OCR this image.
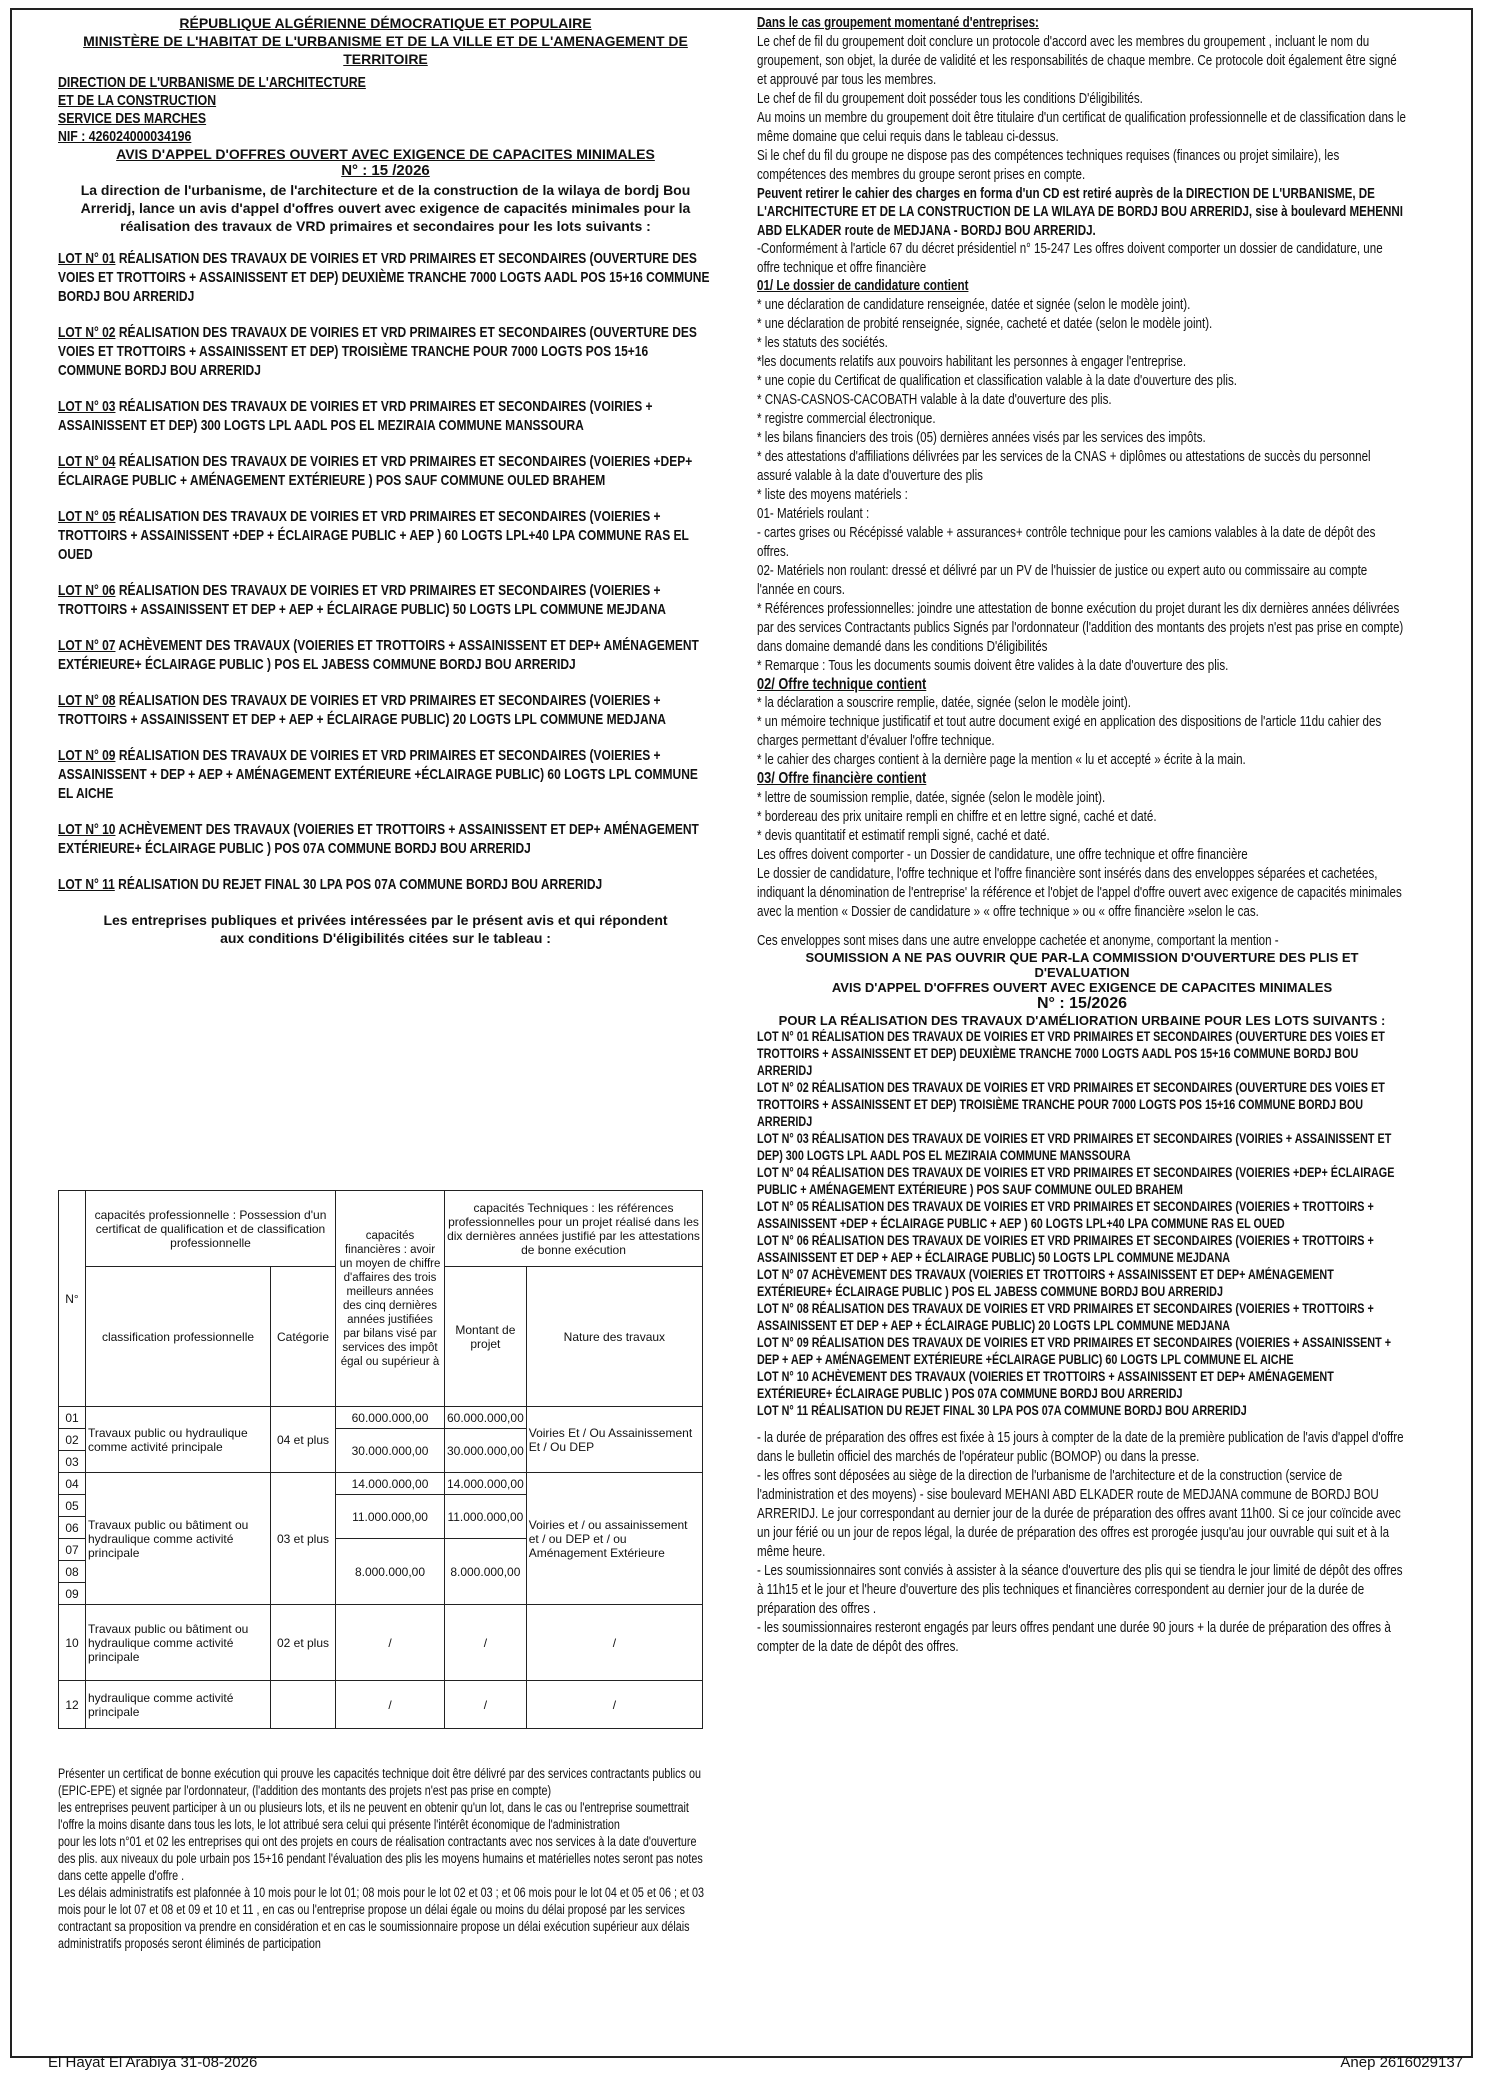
RÉPUBLIQUE ALGÉRIENNE DÉMOCRATIQUE ET POPULAIRE
MINISTÈRE DE L'HABITAT DE L'URBANISME ET DE LA VILLE ET DE L'AMENAGEMENT DE TERRITOIRE
DIRECTION DE L'URBANISME DE L'ARCHITECTURE
ET DE LA CONSTRUCTION
SERVICE DES MARCHES
NIF : 426024000034196
AVIS D'APPEL D'OFFRES OUVERT AVEC EXIGENCE DE CAPACITES MINIMALES
N° : 15 /2026
La direction de l'urbanisme, de l'architecture et de la construction de la wilaya de bordj Bou Arreridj, lance un avis d'appel d'offres ouvert avec exigence de capacités minimales pour la réalisation des travaux de VRD primaires et secondaires pour les lots suivants :
LOT N° 01 RÉALISATION DES TRAVAUX DE VOIRIES ET VRD PRIMAIRES ET SECONDAIRES (OUVERTURE DES VOIES ET TROTTOIRS + ASSAINISSENT ET DEP) DEUXIÈME TRANCHE 7000 LOGTS AADL POS 15+16 COMMUNE BORDJ BOU ARRERIDJ
LOT N° 02 RÉALISATION DES TRAVAUX DE VOIRIES ET VRD PRIMAIRES ET SECONDAIRES (OUVERTURE DES VOIES ET TROTTOIRS + ASSAINISSENT ET DEP) TROISIÈME TRANCHE POUR 7000 LOGTS POS 15+16 COMMUNE BORDJ BOU ARRERIDJ
LOT N° 03 RÉALISATION DES TRAVAUX DE VOIRIES ET VRD PRIMAIRES ET SECONDAIRES (VOIRIES + ASSAINISSENT ET DEP) 300 LOGTS LPL AADL POS EL MEZIRAIA COMMUNE MANSSOURA
LOT N° 04 RÉALISATION DES TRAVAUX DE VOIRIES ET VRD PRIMAIRES ET SECONDAIRES (VOIERIES +DEP+ ÉCLAIRAGE PUBLIC + AMÉNAGEMENT EXTÉRIEURE ) POS SAUF COMMUNE OULED BRAHEM
LOT N° 05 RÉALISATION DES TRAVAUX DE VOIRIES ET VRD PRIMAIRES ET SECONDAIRES (VOIERIES + TROTTOIRS + ASSAINISSENT +DEP + ÉCLAIRAGE PUBLIC + AEP ) 60 LOGTS LPL+40 LPA COMMUNE RAS EL OUED
LOT N° 06 RÉALISATION DES TRAVAUX DE VOIRIES ET VRD PRIMAIRES ET SECONDAIRES (VOIERIES + TROTTOIRS + ASSAINISSENT ET DEP + AEP + ÉCLAIRAGE PUBLIC) 50 LOGTS LPL COMMUNE MEJDANA
LOT N° 07 ACHÈVEMENT DES TRAVAUX (VOIERIES ET TROTTOIRS + ASSAINISSENT ET DEP+ AMÉNAGEMENT EXTÉRIEURE+ ÉCLAIRAGE PUBLIC ) POS EL JABESS COMMUNE BORDJ BOU ARRERIDJ
LOT N° 08 RÉALISATION DES TRAVAUX DE VOIRIES ET VRD PRIMAIRES ET SECONDAIRES (VOIERIES + TROTTOIRS + ASSAINISSENT ET DEP + AEP + ÉCLAIRAGE PUBLIC) 20 LOGTS LPL COMMUNE MEDJANA
LOT N° 09 RÉALISATION DES TRAVAUX DE VOIRIES ET VRD PRIMAIRES ET SECONDAIRES (VOIERIES + ASSAINISSENT + DEP + AEP + AMÉNAGEMENT EXTÉRIEURE +ÉCLAIRAGE PUBLIC) 60 LOGTS LPL COMMUNE EL AICHE
LOT N° 10 ACHÈVEMENT DES TRAVAUX (VOIERIES ET TROTTOIRS + ASSAINISSENT ET DEP+ AMÉNAGEMENT EXTÉRIEURE+ ÉCLAIRAGE PUBLIC ) POS 07A COMMUNE BORDJ BOU ARRERIDJ
LOT N° 11 RÉALISATION DU REJET FINAL 30 LPA POS 07A COMMUNE BORDJ BOU ARRERIDJ
Les entreprises publiques et privées intéressées par le présent avis et qui répondent aux conditions D'éligibilités citées sur le tableau :
N°	capacités professionnelle : Possession d'un certificat de qualification et de classification professionnelle		capacités financières : avoir un moyen de chiffre d'affaires des trois meilleurs années des cinq dernières années justifiées par bilans visé par services des impôt égal ou supérieur à	capacités Techniques : les références professionnelles pour un projet réalisé dans les dix dernières années justifié par les attestations de bonne exécution	
	classification professionnelle	Catégorie		Montant de projet	Nature des travaux
01	Travaux public ou hydraulique comme activité principale	04 et plus	60.000.000,00	60.000.000,00	Voiries Et / Ou Assainissement Et / Ou DEP
02			30.000.000,00	30.000.000,00	
03					
04	Travaux public ou bâtiment ou hydraulique comme activité principale	03 et plus	14.000.000,00	14.000.000,00	Voiries et / ou assainissement et / ou DEP et / ou Aménagement Extérieure
05			11.000.000,00	11.000.000,00	
06					
07			8.000.000,00	8.000.000,00	
08					
09					
10	Travaux public ou bâtiment ou hydraulique comme activité principale	02 et plus	/	/	/
12	hydraulique comme activité principale		/	/	/
Présenter un certificat de bonne exécution qui prouve les capacités technique doit être délivré par des services contractants publics ou (EPIC-EPE) et signée par l'ordonnateur, (l'addition des montants des projets n'est pas prise en compte)
les entreprises peuvent participer à un ou plusieurs lots, et ils ne peuvent en obtenir qu'un lot, dans le cas ou l'entreprise soumettrait l'offre la moins disante dans tous les lots, le lot attribué sera celui qui présente l'intérêt économique de l'administration
pour les lots n°01 et 02 les entreprises qui ont des projets en cours de réalisation contractants avec nos services à la date d'ouverture des plis. aux niveaux du pole urbain pos 15+16 pendant l'évaluation des plis les moyens humains et matérielles notes seront pas notes dans cette appelle d'offre .
Les délais administratifs est plafonnée à 10 mois pour le lot 01; 08 mois pour le lot 02 et 03 ; et 06 mois pour le lot 04 et 05 et 06 ; et 03 mois pour le lot 07 et 08 et 09 et 10 et 11 , en cas ou l'entreprise propose un délai égale ou moins du délai proposé par les services contractant sa proposition va prendre en considération et en cas le soumissionnaire propose un délai exécution supérieur aux délais administratifs proposés seront éliminés de participation
Dans le cas groupement momentané d'entreprises:
Le chef de fil du groupement doit conclure un protocole d'accord avec les membres du groupement , incluant le nom du groupement, son objet, la durée de validité et les responsabilités de chaque membre. Ce protocole doit également être signé et approuvé par tous les membres.
Le chef de fil du groupement doit posséder tous les conditions D'éligibilités.
Au moins un membre du groupement doit être titulaire d'un certificat de qualification professionnelle et de classification dans le même domaine que celui requis dans le tableau ci-dessus.
Si le chef du fil du groupe ne dispose pas des compétences techniques requises (finances ou projet similaire), les compétences des membres du groupe seront prises en compte.
Peuvent retirer le cahier des charges en forma d'un CD est retiré auprès de la DIRECTION DE L'URBANISME, DE L'ARCHITECTURE ET DE LA CONSTRUCTION DE LA WILAYA DE BORDJ BOU ARRERIDJ, sise à boulevard MEHENNI ABD ELKADER route de MEDJANA - BORDJ BOU ARRERIDJ.
-Conformément à l'article 67 du décret présidentiel n° 15-247 Les offres doivent comporter un dossier de candidature, une offre technique et offre financière
01/ Le dossier de candidature contient
* une déclaration de candidature renseignée, datée et signée (selon le modèle joint).
* une déclaration de probité renseignée, signée, cacheté et datée (selon le modèle joint).
* les statuts des sociétés.
*les documents relatifs aux pouvoirs habilitant les personnes à engager l'entreprise.
* une copie du Certificat de qualification et classification valable à la date d'ouverture des plis.
* CNAS-CASNOS-CACOBATH valable à la date d'ouverture des plis.
* registre commercial électronique.
* les bilans financiers des trois (05) dernières années visés par les services des impôts.
* des attestations d'affiliations délivrées par les services de la CNAS + diplômes ou attestations de succès du personnel assuré valable à la date d'ouverture des plis
* liste des moyens matériels :
01- Matériels roulant :
- cartes grises ou Récépissé valable + assurances+ contrôle technique pour les camions valables à la date de dépôt des offres.
02- Matériels non roulant: dressé et délivré par un PV de l'huissier de justice ou expert auto ou commissaire au compte l'année en cours.
* Références professionnelles: joindre une attestation de bonne exécution du projet durant les dix dernières années délivrées par des services Contractants publics Signés par l'ordonnateur (l'addition des montants des projets n'est pas prise en compte) dans domaine demandé dans les conditions D'éligibilités
* Remarque : Tous les documents soumis doivent être valides à la date d'ouverture des plis.
02/ Offre technique contient
* la déclaration a souscrire remplie, datée, signée (selon le modèle joint).
* un mémoire technique justificatif et tout autre document exigé en application des dispositions de l'article 11du cahier des charges permettant d'évaluer l'offre technique.
* le cahier des charges contient à la dernière page la mention « lu et accepté » écrite à la main.
03/ Offre financière contient
* lettre de soumission remplie, datée, signée (selon le modèle joint).
* bordereau des prix unitaire rempli en chiffre et en lettre signé, caché et daté.
* devis quantitatif et estimatif rempli signé, caché et daté.
Les offres doivent comporter - un Dossier de candidature, une offre technique et offre financière
Le dossier de candidature, l'offre technique et l'offre financière sont insérés dans des enveloppes séparées et cachetées, indiquant la dénomination de l'entreprise' la référence et l'objet de l'appel d'offre ouvert avec exigence de capacités minimales avec la mention « Dossier de candidature » « offre technique » ou « offre financière »selon le cas.
Ces enveloppes sont mises dans une autre enveloppe cachetée et anonyme, comportant la mention -
SOUMISSION A NE PAS OUVRIR QUE PAR-LA COMMISSION D'OUVERTURE DES PLIS ET D'EVALUATION
AVIS D'APPEL D'OFFRES OUVERT AVEC EXIGENCE DE CAPACITES MINIMALES
N° : 15/2026
POUR LA RÉALISATION DES TRAVAUX D'AMÉLIORATION URBAINE POUR LES LOTS SUIVANTS :
LOT N° 01 RÉALISATION DES TRAVAUX DE VOIRIES ET VRD PRIMAIRES ET SECONDAIRES (OUVERTURE DES VOIES ET TROTTOIRS + ASSAINISSENT ET DEP) DEUXIÈME TRANCHE 7000 LOGTS AADL POS 15+16 COMMUNE BORDJ BOU ARRERIDJ
LOT N° 02 RÉALISATION DES TRAVAUX DE VOIRIES ET VRD PRIMAIRES ET SECONDAIRES (OUVERTURE DES VOIES ET TROTTOIRS + ASSAINISSENT ET DEP) TROISIÈME TRANCHE POUR 7000 LOGTS POS 15+16 COMMUNE BORDJ BOU ARRERIDJ
LOT N° 03 RÉALISATION DES TRAVAUX DE VOIRIES ET VRD PRIMAIRES ET SECONDAIRES (VOIRIES + ASSAINISSENT ET DEP) 300 LOGTS LPL AADL POS EL MEZIRAIA COMMUNE MANSSOURA
LOT N° 04 RÉALISATION DES TRAVAUX DE VOIRIES ET VRD PRIMAIRES ET SECONDAIRES (VOIERIES +DEP+ ÉCLAIRAGE PUBLIC + AMÉNAGEMENT EXTÉRIEURE ) POS SAUF COMMUNE OULED BRAHEM
LOT N° 05 RÉALISATION DES TRAVAUX DE VOIRIES ET VRD PRIMAIRES ET SECONDAIRES (VOIERIES + TROTTOIRS + ASSAINISSENT +DEP + ÉCLAIRAGE PUBLIC + AEP ) 60 LOGTS LPL+40 LPA COMMUNE RAS EL OUED
LOT N° 06 RÉALISATION DES TRAVAUX DE VOIRIES ET VRD PRIMAIRES ET SECONDAIRES (VOIERIES + TROTTOIRS + ASSAINISSENT ET DEP + AEP + ÉCLAIRAGE PUBLIC) 50 LOGTS LPL COMMUNE MEJDANA
LOT N° 07 ACHÈVEMENT DES TRAVAUX (VOIERIES ET TROTTOIRS + ASSAINISSENT ET DEP+ AMÉNAGEMENT EXTÉRIEURE+ ÉCLAIRAGE PUBLIC ) POS EL JABESS COMMUNE BORDJ BOU ARRERIDJ
LOT N° 08 RÉALISATION DES TRAVAUX DE VOIRIES ET VRD PRIMAIRES ET SECONDAIRES (VOIERIES + TROTTOIRS + ASSAINISSENT ET DEP + AEP + ÉCLAIRAGE PUBLIC) 20 LOGTS LPL COMMUNE MEDJANA
LOT N° 09 RÉALISATION DES TRAVAUX DE VOIRIES ET VRD PRIMAIRES ET SECONDAIRES (VOIERIES + ASSAINISSENT + DEP + AEP + AMÉNAGEMENT EXTÉRIEURE +ÉCLAIRAGE PUBLIC) 60 LOGTS LPL COMMUNE EL AICHE
LOT N° 10 ACHÈVEMENT DES TRAVAUX (VOIERIES ET TROTTOIRS + ASSAINISSENT ET DEP+ AMÉNAGEMENT EXTÉRIEURE+ ÉCLAIRAGE PUBLIC ) POS 07A COMMUNE BORDJ BOU ARRERIDJ
LOT N° 11 RÉALISATION DU REJET FINAL 30 LPA POS 07A COMMUNE BORDJ BOU ARRERIDJ
- la durée de préparation des offres est fixée à 15 jours à compter de la date de la première publication de l'avis d'appel d'offre dans le bulletin officiel des marchés de l'opérateur public (BOMOP) ou dans la presse.
- les offres sont déposées au siège de la direction de l'urbanisme de l'architecture et de la construction (service de l'administration et des moyens) - sise boulevard MEHANI ABD ELKADER route de MEDJANA commune de BORDJ BOU ARRERIDJ. Le jour correspondant au dernier jour de la durée de préparation des offres avant 11h00. Si ce jour coïncide avec un jour férié ou un jour de repos légal, la durée de préparation des offres est prorogée jusqu'au jour ouvrable qui suit et à la même heure.
- Les soumissionnaires sont conviés à assister à la séance d'ouverture des plis qui se tiendra le jour limité de dépôt des offres à 11h15 et le jour et l'heure d'ouverture des plis techniques et financières correspondent au dernier jour de la durée de préparation des offres .
- les soumissionnaires resteront engagés par leurs offres pendant une durée 90 jours + la durée de préparation des offres à compter de la date de dépôt des offres.
El Hayat El Arabiya 31-08-2026	Anep 2616029137
